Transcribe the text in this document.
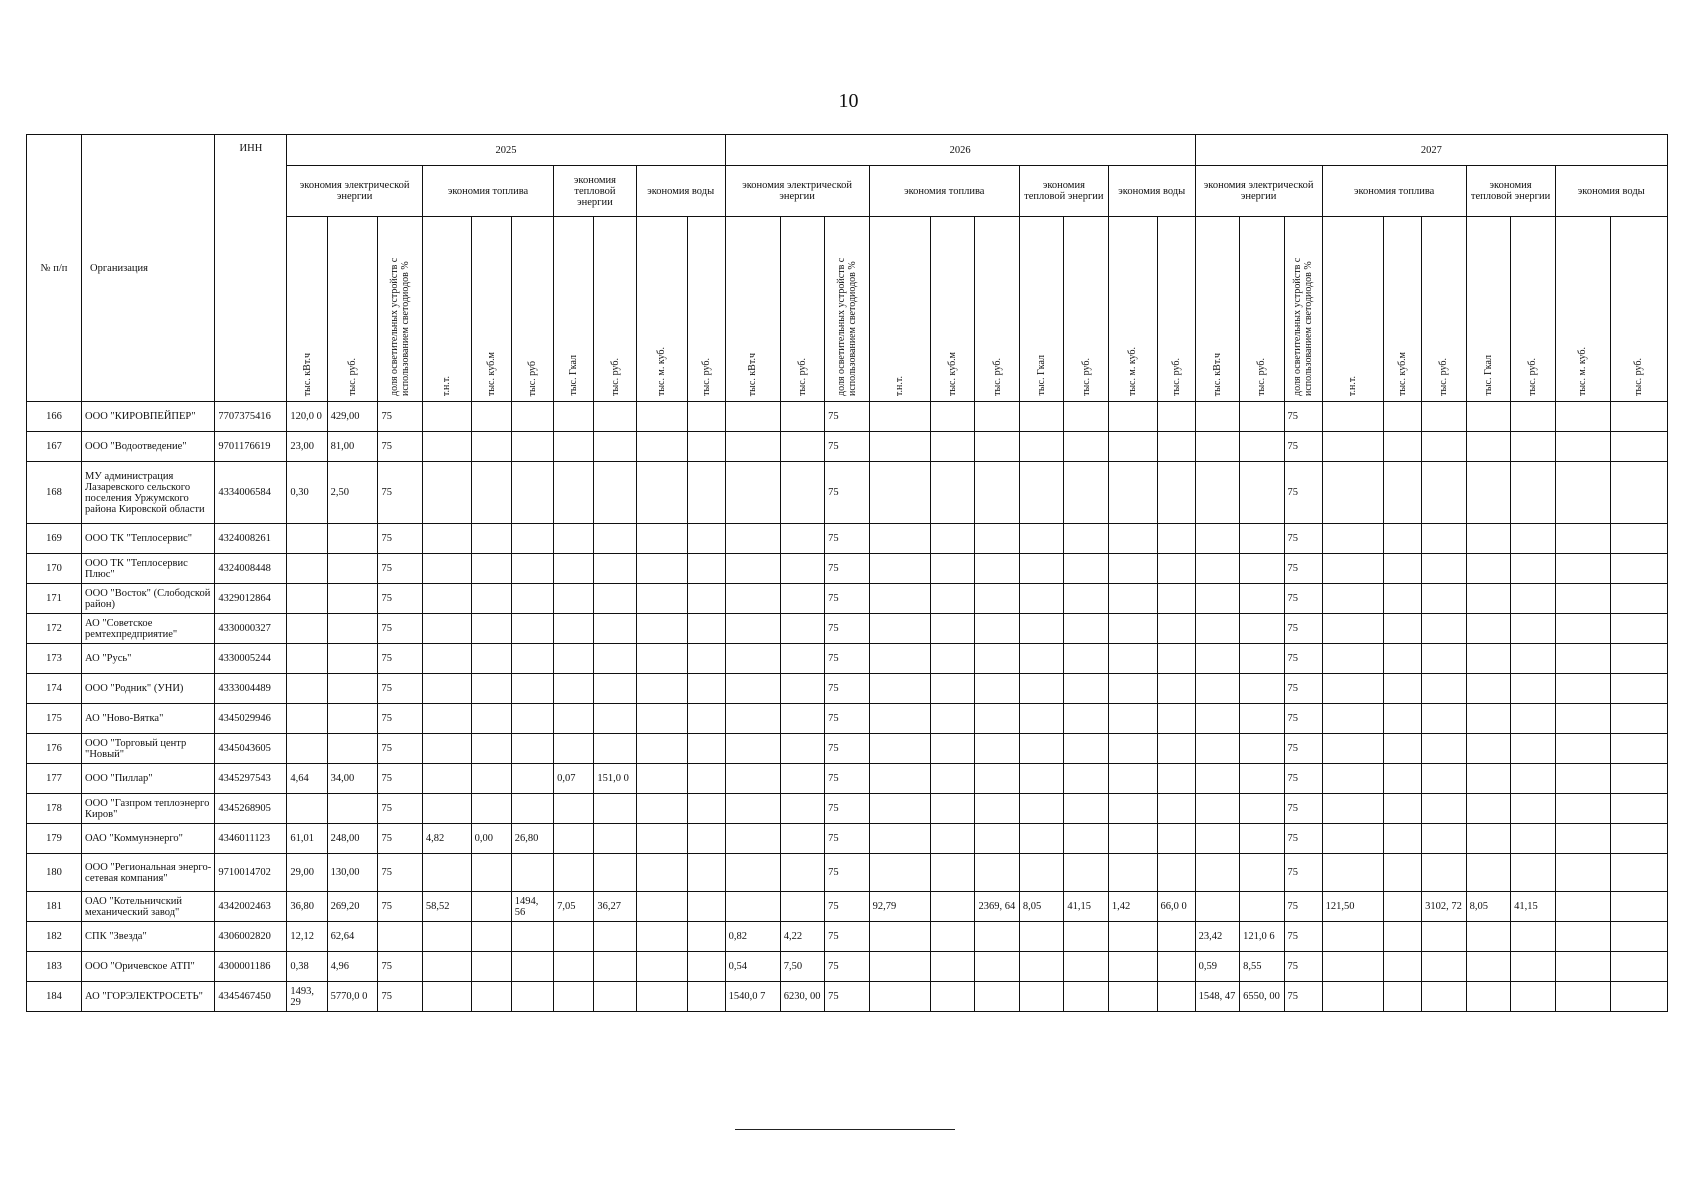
10
№ п/п	Организация	ИНН	2025										2026										2027									
			экономия электрической энергии			экономия топлива			экономия тепловой энергии		экономия воды		экономия электрической энергии			экономия топлива			экономия тепловой энергии		экономия воды		экономия электрической энергии			экономия топлива			экономия тепловой энергии		экономия воды	
			тыс. кВт.ч	тыс. руб.	доля осветительных устройств с использованием светодиодов %	т.н.т.	тыс. куб.м	тыс. руб	тыс. Гкал	тыс. руб.	тыс. м. куб.	тыс. руб.	тыс. кВт.ч	тыс. руб.	доля осветительных устройств с использованием светодиодов %	т.н.т.	тыс. куб.м	тыс. руб.	тыс. Гкал	тыс. руб.	тыс. м. куб.	тыс. руб.	тыс. кВт.ч	тыс. руб.	доля осветительных устройств с использованием светодиодов %	т.н.т.	тыс. куб.м	тыс. руб.	тыс. Гкал	тыс. руб.	тыс. м. куб.	тыс. руб.
166	ООО "КИРОВПЕЙПЕР"	7707375416	120,0 0	429,00	75										75										75							
167	ООО "Водоотведение"	9701176619	23,00	81,00	75										75										75							
168	МУ администрация Лазаревского сельского поселения Уржумского района Кировской области	4334006584	0,30	2,50	75										75										75							
169	ООО ТК "Теплосервис"	4324008261			75										75										75							
170	ООО ТК "Теплосервис Плюс"	4324008448			75										75										75							
171	ООО "Восток" (Слободской район)	4329012864			75										75										75							
172	АО "Советское ремтехпредприятие"	4330000327			75										75										75							
173	АО "Русь"	4330005244			75										75										75							
174	ООО "Родник" (УНИ)	4333004489			75										75										75							
175	АО "Ново-Вятка"	4345029946			75										75										75							
176	ООО "Торговый центр "Новый"	4345043605			75										75										75							
177	ООО "Пиллар"	4345297543	4,64	34,00	75				0,07	151,0 0					75										75							
178	ООО "Газпром теплоэнерго Киров"	4345268905			75										75										75							
179	ОАО "Коммунэнерго"	4346011123	61,01	248,00	75	4,82	0,00	26,80							75										75							
180	ООО "Региональная энерго-сетевая компания"	9710014702	29,00	130,00	75										75										75							
181	ОАО "Котельничский механический завод"	4342002463	36,80	269,20	75	58,52		1494, 56	7,05	36,27					75	92,79		2369, 64	8,05	41,15	1,42	66,0 0			75	121,50		3102, 72	8,05	41,15		
182	СПК "Звезда"	4306002820	12,12	62,64									0,82	4,22	75								23,42	121,0 6	75							
183	ООО "Оричевское АТП"	4300001186	0,38	4,96	75								0,54	7,50	75								0,59	8,55	75							
184	АО "ГОРЭЛЕКТРОСЕТЬ"	4345467450	1493, 29	5770,0 0	75								1540,0 7	6230, 00	75								1548, 47	6550, 00	75							
